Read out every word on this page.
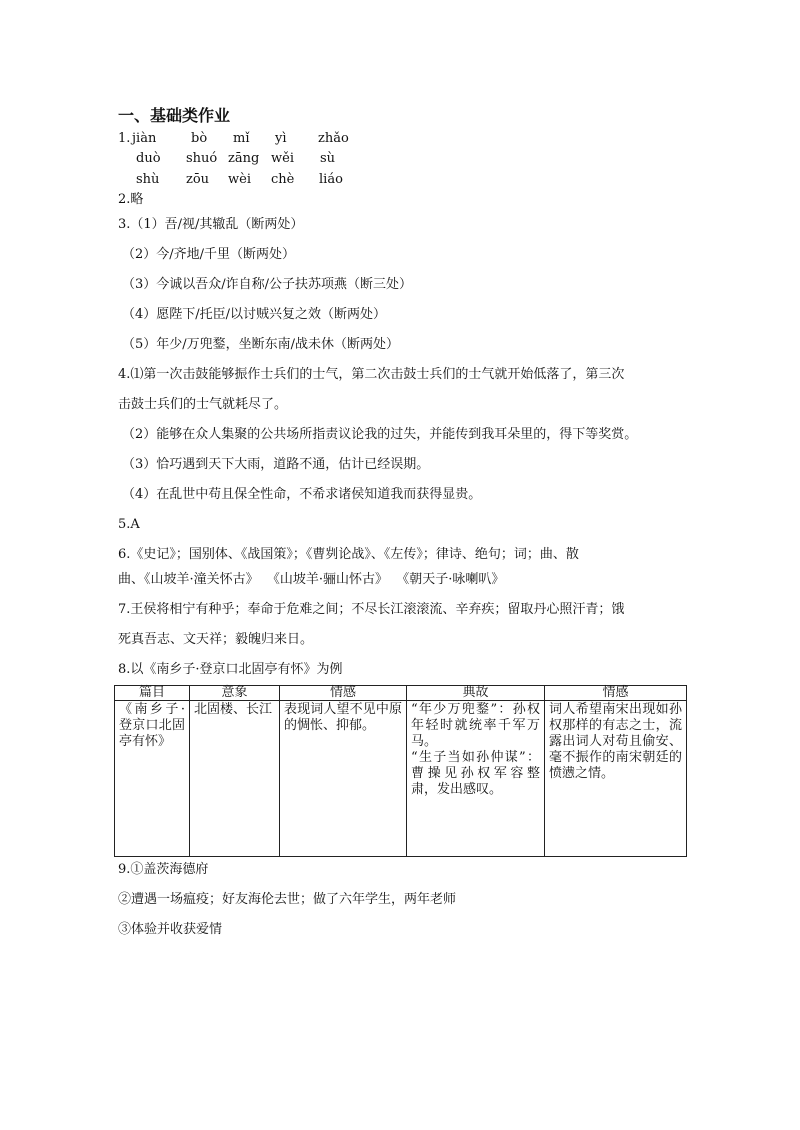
一、基础类作业
1. jiàn	bò mǐ yì zhǎo
duò shuó zāng wěi sù
shù zōu wèi chè liáo
2.略
3.（1）吾/视/其辙乱（断两处）
（2）今/齐地/千里（断两处）
（3）今诚以吾众/诈自称/公子扶苏项燕（断三处）
（4）愿陛下/托臣/以讨贼兴复之效（断两处）
（5）年少/万兜鍪，坐断东南/战未休（断两处）
4.⑴第一次击鼓能够振作士兵们的士气，第二次击鼓士兵们的士气就开始低落了，第三次
击鼓士兵们的士气就耗尽了。
（2）能够在众人集聚的公共场所指责议论我的过失，并能传到我耳朵里的，得下等奖赏。
（3）恰巧遇到天下大雨，道路不通，估计已经误期。
（4）在乱世中苟且保全性命，不希求诸侯知道我而获得显贵。
5.A
6.《史记》；国别体、《战国策》；《曹刿论战》、《左传》；律诗、绝句；词；曲、散
曲、《山坡羊·潼关怀古》  《山坡羊·骊山怀古》  《朝天子·咏喇叭》
7.王侯将相宁有种乎；奉命于危难之间；不尽长江滚滚流、辛弃疾；留取丹心照汗青；饿
死真吾志、文天祥；毅魄归来日。
8.以《南乡子·登京口北固亭有怀》为例
篇目	意象	情感	典故	情感
《南乡子·登京口北固亭有怀》	北固楼、长江	表现词人望不见中原的惆怅、抑郁。	“年少万兜鍪”：孙权年轻时就统率千军万马。
“生子当如孙仲谋”：曹操见孙权军容整肃，发出感叹。	词人希望南宋出现如孙权那样的有志之士，流露出词人对苟且偷安、毫不振作的南宋朝廷的愤懑之情。
9.①盖茨海德府
②遭遇一场瘟疫；好友海伦去世；做了六年学生，两年老师
③体验并收获爱情
